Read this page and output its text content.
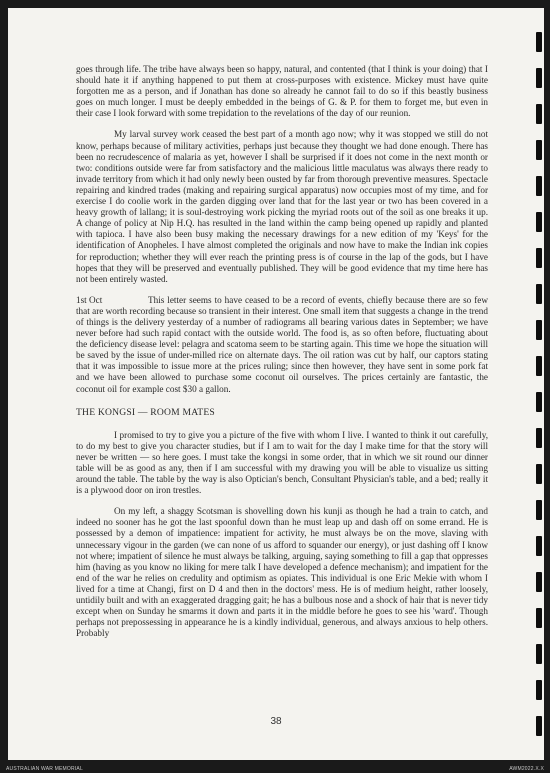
goes through life. The tribe have always been so happy, natural, and contented (that I think is your doing) that I should hate it if anything happened to put them at cross-purposes with existence. Mickey must have quite forgotten me as a person, and if Jonathan has done so already he cannot fail to do so if this beastly business goes on much longer. I must be deeply embedded in the beings of G. & P. for them to forget me, but even in their case I look forward with some trepidation to the revelations of the day of our reunion.

My larval survey work ceased the best part of a month ago now; why it was stopped we still do not know, perhaps because of military activities, perhaps just because they thought we had done enough. There has been no recrudescence of malaria as yet, however I shall be surprised if it does not come in the next month or two: conditions outside were far from satisfactory and the malicious little maculatus was always there ready to invade territory from which it had only newly been ousted by far from thorough preventive measures. Spectacle repairing and kindred trades (making and repairing surgical apparatus) now occupies most of my time, and for exercise I do coolie work in the garden digging over land that for the last year or two has been covered in a heavy growth of lallang; it is soul-destroying work picking the myriad roots out of the soil as one breaks it up. A change of policy at Nip H.Q. has resulted in the land within the camp being opened up rapidly and planted with tapioca. I have also been busy making the necessary drawings for a new edition of my 'Keys' for the identification of Anopheles. I have almost completed the originals and now have to make the Indian ink copies for reproduction; whether they will ever reach the printing press is of course in the lap of the gods, but I have hopes that they will be preserved and eventually published. They will be good evidence that my time here has not been entirely wasted.

1st Oct	This letter seems to have ceased to be a record of events, chiefly because there are so few that are worth recording because so transient in their interest. One small item that suggests a change in the trend of things is the delivery yesterday of a number of radiograms all bearing various dates in September; we have never before had such rapid contact with the outside world. The food is, as so often before, fluctuating about the deficiency disease level: pelagra and scatoma seem to be starting again. This time we hope the situation will be saved by the issue of under-milled rice on alternate days. The oil ration was cut by half, our captors stating that it was impossible to issue more at the prices ruling; since then however, they have sent in some pork fat and we have been allowed to purchase some coconut oil ourselves. The prices certainly are fantastic, the coconut oil for example cost $30 a gallon.

THE KONGSI — ROOM MATES

I promised to try to give you a picture of the five with whom I live. I wanted to think it out carefully, to do my best to give you character studies, but if I am to wait for the day I make time for that the story will never be written — so here goes. I must take the kongsi in some order, that in which we sit round our dinner table will be as good as any, then if I am successful with my drawing you will be able to visualize us sitting around the table. The table by the way is also Optician's bench, Consultant Physician's table, and a bed; really it is a plywood door on iron trestles.

On my left, a shaggy Scotsman is shovelling down his kunji as though he had a train to catch, and indeed no sooner has he got the last spoonful down than he must leap up and dash off on some errand. He is possessed by a demon of impatience: impatient for activity, he must always be on the move, slaving with unnecessary vigour in the garden (we can none of us afford to squander our energy), or just dashing off I know not where; impatient of silence he must always be talking, arguing, saying something to fill a gap that oppresses him (having as you know no liking for mere talk I have developed a defence mechanism); and impatient for the end of the war he relies on credulity and optimism as opiates. This individual is one Eric Mekie with whom I lived for a time at Changi, first on D 4 and then in the doctors' mess. He is of medium height, rather loosely, untidily built and with an exaggerated dragging gait; he has a bulbous nose and a shock of hair that is never tidy except when on Sunday he smarms it down and parts it in the middle before he goes to see his 'ward'. Though perhaps not prepossessing in appearance he is a kindly individual, generous, and always anxious to help others. Probably

38
AUSTRALIAN WAR MEMORIAL	AWM2022.X.X
